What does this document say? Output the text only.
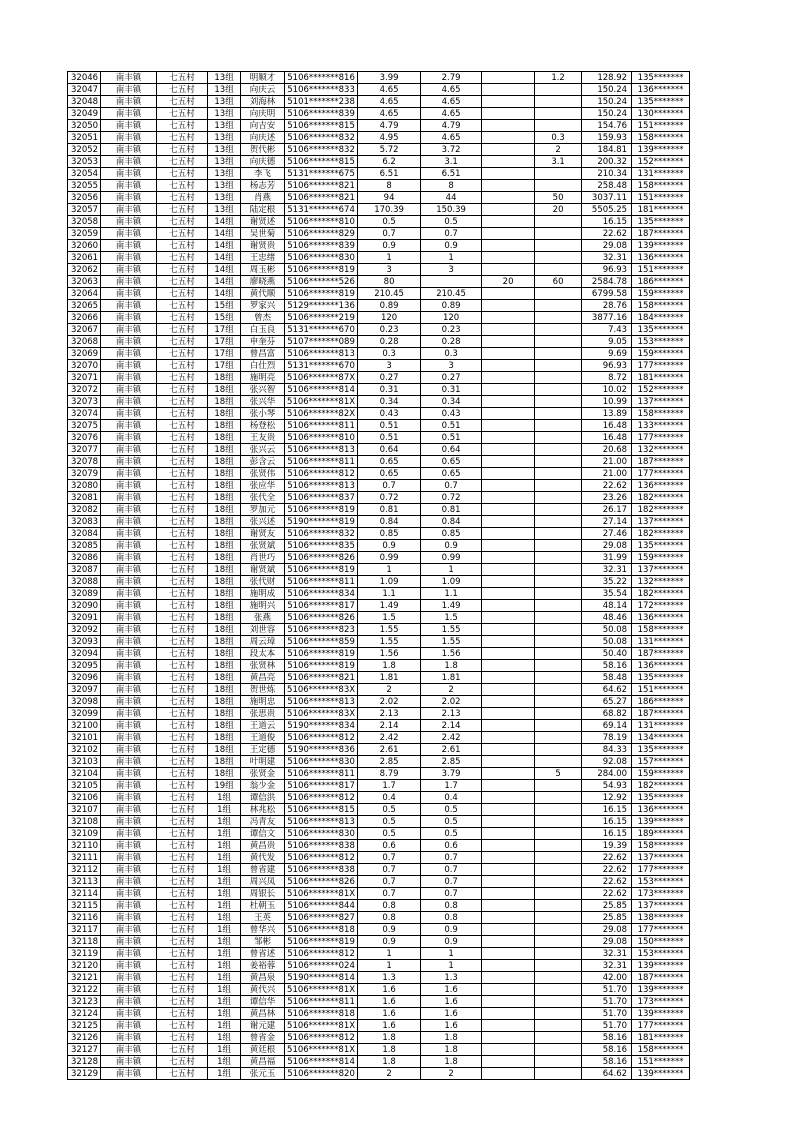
32046	南丰镇	七五村	13组	明顺才	5106*******816	3.99	2.79		1.2	128.92	135*******
32047	南丰镇	七五村	13组	向庆云	5106*******833	4.65	4.65			150.24	136*******
32048	南丰镇	七五村	13组	刘海林	5101*******238	4.65	4.65			150.24	135*******
32049	南丰镇	七五村	13组	向庆明	5106*******839	4.65	4.65			150.24	130*******
32050	南丰镇	七五村	13组	向吉安	5106*******815	4.79	4.79			154.76	151*******
32051	南丰镇	七五村	13组	向庆述	5106*******832	4.95	4.65		0.3	159.93	158*******
32052	南丰镇	七五村	13组	贺代彬	5106*******832	5.72	3.72		2	184.81	139*******
32053	南丰镇	七五村	13组	向庆德	5106*******815	6.2	3.1		3.1	200.32	152*******
32054	南丰镇	七五村	13组	李飞	5131*******675	6.51	6.51			210.34	131*******
32055	南丰镇	七五村	13组	杨志芳	5106*******821	8	8			258.48	158*******
32056	南丰镇	七五村	13组	肖燕	5106*******821	94	44		50	3037.11	151*******
32057	南丰镇	七五村	13组	陆定根	5131*******674	170.39	150.39		20	5505.25	181*******
32058	南丰镇	七五村	14组	谢贤述	5106*******810	0.5	0.5			16.15	135*******
32059	南丰镇	七五村	14组	吴世菊	5106*******829	0.7	0.7			22.62	187*******
32060	南丰镇	七五村	14组	谢贤贵	5106*******839	0.9	0.9			29.08	139*******
32061	南丰镇	七五村	14组	王忠绪	5106*******830	1	1			32.31	136*******
32062	南丰镇	七五村	14组	周玉彬	5106*******819	3	3			96.93	151*******
32063	南丰镇	七五村	14组	廖晓燕	5106*******526	80		20	60	2584.78	186*******
32064	南丰镇	七五村	14组	黄代顺	5106*******819	210.45	210.45			6799.58	159*******
32065	南丰镇	七五村	15组	罗家兴	5129*******136	0.89	0.89			28.76	158*******
32066	南丰镇	七五村	15组	曾杰	5106*******219	120	120			3877.16	184*******
32067	南丰镇	七五村	17组	白玉良	5131*******670	0.23	0.23			7.43	135*******
32068	南丰镇	七五村	17组	申奎芬	5107*******089	0.28	0.28			9.05	153*******
32069	南丰镇	七五村	17组	曾昌富	5106*******813	0.3	0.3			9.69	159*******
32070	南丰镇	七五村	17组	白仕烈	5131*******670	3	3			96.93	177*******
32071	南丰镇	七五村	18组	施明亮	5106*******87X	0.27	0.27			8.72	181*******
32072	南丰镇	七五村	18组	张兴智	5106*******814	0.31	0.31			10.02	152*******
32073	南丰镇	七五村	18组	张兴华	5106*******81X	0.34	0.34			10.99	137*******
32074	南丰镇	七五村	18组	张小琴	5106*******82X	0.43	0.43			13.89	158*******
32075	南丰镇	七五村	18组	杨登松	5106*******811	0.51	0.51			16.48	133*******
32076	南丰镇	七五村	18组	王友贵	5106*******810	0.51	0.51			16.48	177*******
32077	南丰镇	七五村	18组	张兴云	5106*******813	0.64	0.64			20.68	132*******
32078	南丰镇	七五村	18组	彭含云	5106*******811	0.65	0.65			21.00	187*******
32079	南丰镇	七五村	18组	张贤伟	5106*******812	0.65	0.65			21.00	177*******
32080	南丰镇	七五村	18组	张应华	5106*******813	0.7	0.7			22.62	136*******
32081	南丰镇	七五村	18组	张代全	5106*******837	0.72	0.72			23.26	182*******
32082	南丰镇	七五村	18组	罗加元	5106*******819	0.81	0.81			26.17	182*******
32083	南丰镇	七五村	18组	张兴述	5190*******819	0.84	0.84			27.14	137*******
32084	南丰镇	七五村	18组	谢贤友	5106*******832	0.85	0.85			27.46	182*******
32085	南丰镇	七五村	18组	张贤斌	5106*******835	0.9	0.9			29.08	135*******
32086	南丰镇	七五村	18组	肖世巧	5106*******826	0.99	0.99			31.99	159*******
32087	南丰镇	七五村	18组	谢贤斌	5106*******819	1	1			32.31	137*******
32088	南丰镇	七五村	18组	张代财	5106*******811	1.09	1.09			35.22	132*******
32089	南丰镇	七五村	18组	施明成	5106*******834	1.1	1.1			35.54	182*******
32090	南丰镇	七五村	18组	施明兴	5106*******817	1.49	1.49			48.14	172*******
32091	南丰镇	七五村	18组	张燕	5106*******826	1.5	1.5			48.46	136*******
32092	南丰镇	七五村	18组	刘世容	5106*******823	1.55	1.55			50.08	158*******
32093	南丰镇	七五村	18组	周云璋	5106*******859	1.55	1.55			50.08	131*******
32094	南丰镇	七五村	18组	段太本	5106*******819	1.56	1.56			50.40	187*******
32095	南丰镇	七五村	18组	张贤林	5106*******819	1.8	1.8			58.16	136*******
32096	南丰镇	七五村	18组	黄昌亮	5106*******821	1.81	1.81			58.48	135*******
32097	南丰镇	七五村	18组	贺世炼	5106*******83X	2	2			64.62	151*******
32098	南丰镇	七五村	18组	施明忠	5106*******813	2.02	2.02			65.27	186*******
32099	南丰镇	七五村	18组	张思贵	5106*******83X	2.13	2.13			68.82	187*******
32100	南丰镇	七五村	18组	王道云	5190*******834	2.14	2.14			69.14	131*******
32101	南丰镇	七五村	18组	王道俊	5106*******812	2.42	2.42			78.19	134*******
32102	南丰镇	七五村	18组	王定德	5190*******836	2.61	2.61			84.33	135*******
32103	南丰镇	七五村	18组	叶明建	5106*******830	2.85	2.85			92.08	157*******
32104	南丰镇	七五村	18组	张贤金	5106*******811	8.79	3.79		5	284.00	159*******
32105	南丰镇	七五村	19组	翁少金	5106*******817	1.7	1.7			54.93	182*******
32106	南丰镇	七五村	1组	谭信洪	5106*******812	0.4	0.4			12.92	135*******
32107	南丰镇	七五村	1组	林兆松	5106*******815	0.5	0.5			16.15	136*******
32108	南丰镇	七五村	1组	冯青友	5106*******813	0.5	0.5			16.15	139*******
32109	南丰镇	七五村	1组	谭信文	5106*******830	0.5	0.5			16.15	189*******
32110	南丰镇	七五村	1组	黄昌贵	5106*******838	0.6	0.6			19.39	158*******
32111	南丰镇	七五村	1组	黄代发	5106*******812	0.7	0.7			22.62	137*******
32112	南丰镇	七五村	1组	曾省建	5106*******838	0.7	0.7			22.62	177*******
32113	南丰镇	七五村	1组	周兴凤	5106*******826	0.7	0.7			22.62	153*******
32114	南丰镇	七五村	1组	周银长	5106*******81X	0.7	0.7			22.62	173*******
32115	南丰镇	七五村	1组	杜朝玉	5106*******844	0.8	0.8			25.85	137*******
32116	南丰镇	七五村	1组	王英	5106*******827	0.8	0.8			25.85	138*******
32117	南丰镇	七五村	1组	曾华兴	5106*******818	0.9	0.9			29.08	177*******
32118	南丰镇	七五村	1组	邹彬	5106*******819	0.9	0.9			29.08	150*******
32119	南丰镇	七五村	1组	曾省述	5106*******812	1	1			32.31	153*******
32120	南丰镇	七五村	1组	姜裕蓉	5106*******024	1	1			32.31	139*******
32121	南丰镇	七五村	1组	黄昌泉	5190*******814	1.3	1.3			42.00	187*******
32122	南丰镇	七五村	1组	黄代兴	5106*******81X	1.6	1.6			51.70	139*******
32123	南丰镇	七五村	1组	谭信华	5106*******811	1.6	1.6			51.70	173*******
32124	南丰镇	七五村	1组	黄昌林	5106*******818	1.6	1.6			51.70	139*******
32125	南丰镇	七五村	1组	谢元建	5106*******81X	1.6	1.6			51.70	177*******
32126	南丰镇	七五村	1组	曾省金	5106*******812	1.8	1.8			58.16	181*******
32127	南丰镇	七五村	1组	黄廷根	5106*******81X	1.8	1.8			58.16	158*******
32128	南丰镇	七五村	1组	黄昌福	5106*******814	1.8	1.8			58.16	151*******
32129	南丰镇	七五村	1组	张元玉	5106*******820	2	2			64.62	139*******
